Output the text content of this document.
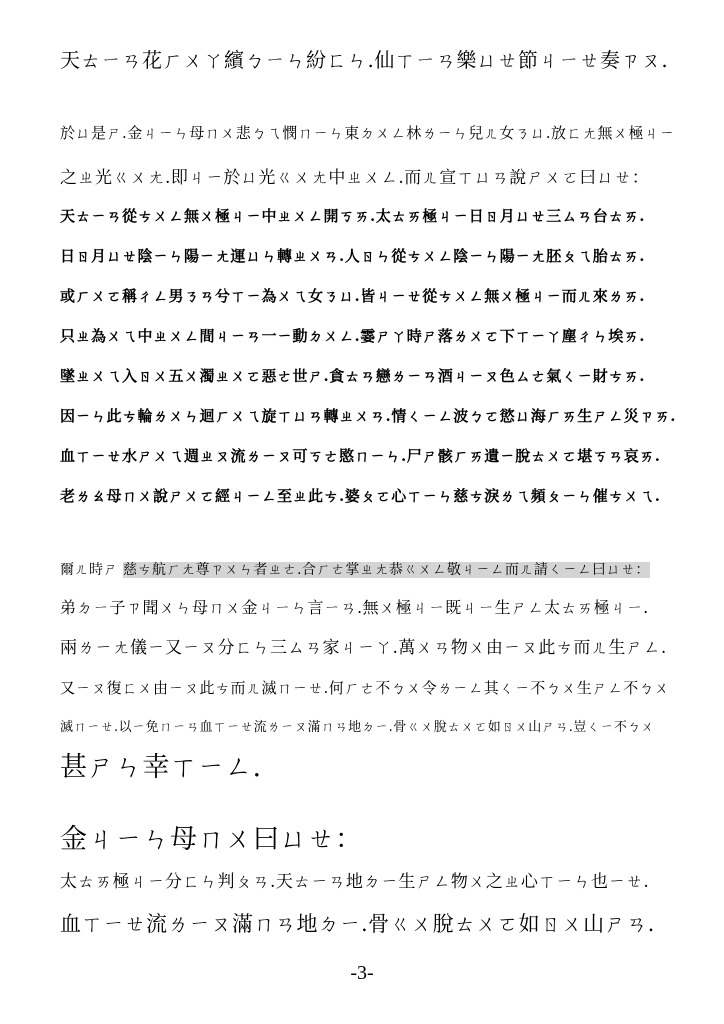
天ㄊㄧㄢ花ㄏㄨㄚ繽ㄅㄧㄣ紛ㄈㄣ.仙ㄒㄧㄢ樂ㄩㄝ節ㄐㄧㄝ奏ㄗㄡ.
於ㄩ是ㄕ.金ㄐㄧㄣ母ㄇㄨ悲ㄅㄟ憫ㄇㄧㄣ東ㄉㄨㄥ林ㄌㄧㄣ兒ㄦ女ㄋㄩ.放ㄈㄤ無ㄨ極ㄐㄧ
之ㄓ光ㄍㄨㄤ.即ㄐㄧ於ㄩ光ㄍㄨㄤ中ㄓㄨㄥ.而ㄦ宣ㄒㄩㄢ說ㄕㄨㄛ曰ㄩㄝ：
天ㄊㄧㄢ從ㄘㄨㄥ無ㄨ極ㄐㄧ中ㄓㄨㄥ開ㄎㄞ.太ㄊㄞ極ㄐㄧ日ㄖ月ㄩㄝ三ㄙㄢ台ㄊㄞ.
日ㄖ月ㄩㄝ陰ㄧㄣ陽ㄧㄤ運ㄩㄣ轉ㄓㄨㄢ.人ㄖㄣ從ㄘㄨㄥ陰ㄧㄣ陽ㄧㄤ胚ㄆㄟ胎ㄊㄞ.
或ㄏㄨㄛ稱ㄔㄥ男ㄋㄢ兮ㄒㄧ為ㄨㄟ女ㄋㄩ.皆ㄐㄧㄝ從ㄘㄨㄥ無ㄨ極ㄐㄧ而ㄦ來ㄌㄞ.
只ㄓ為ㄨㄟ中ㄓㄨㄥ間ㄐㄧㄢ一ㄧ動ㄉㄨㄥ.霎ㄕㄚ時ㄕ落ㄌㄨㄛ下ㄒㄧㄚ塵ㄔㄣ埃ㄞ.
墜ㄓㄨㄟ入ㄖㄨ五ㄨ濁ㄓㄨㄛ惡ㄜ世ㄕ.貪ㄊㄢ戀ㄌㄧㄢ酒ㄐㄧㄡ色ㄙㄜ氣ㄑㄧ財ㄘㄞ.
因ㄧㄣ此ㄘ輪ㄌㄨㄣ迴ㄏㄨㄟ旋ㄒㄩㄢ轉ㄓㄨㄢ.情ㄑㄧㄥ波ㄅㄛ慾ㄩ海ㄏㄞ生ㄕㄥ災ㄗㄞ.
血ㄒㄧㄝ水ㄕㄨㄟ週ㄓㄡ流ㄌㄧㄡ可ㄎㄜ愍ㄇㄧㄣ.尸ㄕ骸ㄏㄞ遺ㄧ脫ㄊㄨㄛ堪ㄎㄢ哀ㄞ.
老ㄌㄠ母ㄇㄨ說ㄕㄨㄛ經ㄐㄧㄥ至ㄓ此ㄘ.婆ㄆㄛ心ㄒㄧㄣ慈ㄘ淚ㄌㄟ頻ㄆㄧㄣ催ㄘㄨㄟ.
爾ㄦ時ㄕ 慈ㄘ航ㄏㄤ尊ㄗㄨㄣ者ㄓㄜ.合ㄏㄜ掌ㄓㄤ恭ㄍㄨㄥ敬ㄐㄧㄥ而ㄦ請ㄑㄧㄥ曰ㄩㄝ：
弟ㄉㄧ子ㄗ聞ㄨㄣ母ㄇㄨ金ㄐㄧㄣ言ㄧㄢ.無ㄨ極ㄐㄧ既ㄐㄧ生ㄕㄥ太ㄊㄞ極ㄐㄧ.
兩ㄌㄧㄤ儀ㄧ又ㄧㄡ分ㄈㄣ三ㄙㄢ家ㄐㄧㄚ.萬ㄨㄢ物ㄨ由ㄧㄡ此ㄘ而ㄦ生ㄕㄥ.
又ㄧㄡ復ㄈㄨ由ㄧㄡ此ㄘ而ㄦ滅ㄇㄧㄝ.何ㄏㄜ不ㄅㄨ令ㄌㄧㄥ其ㄑㄧ不ㄅㄨ生ㄕㄥ不ㄅㄨ
滅ㄇㄧㄝ.以ㄧ免ㄇㄧㄢ血ㄒㄧㄝ流ㄌㄧㄡ滿ㄇㄢ地ㄉㄧ.骨ㄍㄨ脫ㄊㄨㄛ如ㄖㄨ山ㄕㄢ.豈ㄑㄧ不ㄅㄨ
甚ㄕㄣ幸ㄒㄧㄥ.
金ㄐㄧㄣ母ㄇㄨ曰ㄩㄝ：
太ㄊㄞ極ㄐㄧ分ㄈㄣ判ㄆㄢ.天ㄊㄧㄢ地ㄉㄧ生ㄕㄥ物ㄨ之ㄓ心ㄒㄧㄣ也ㄧㄝ.
血ㄒㄧㄝ流ㄌㄧㄡ滿ㄇㄢ地ㄉㄧ.骨ㄍㄨ脫ㄊㄨㄛ如ㄖㄨ山ㄕㄢ.
-3-
